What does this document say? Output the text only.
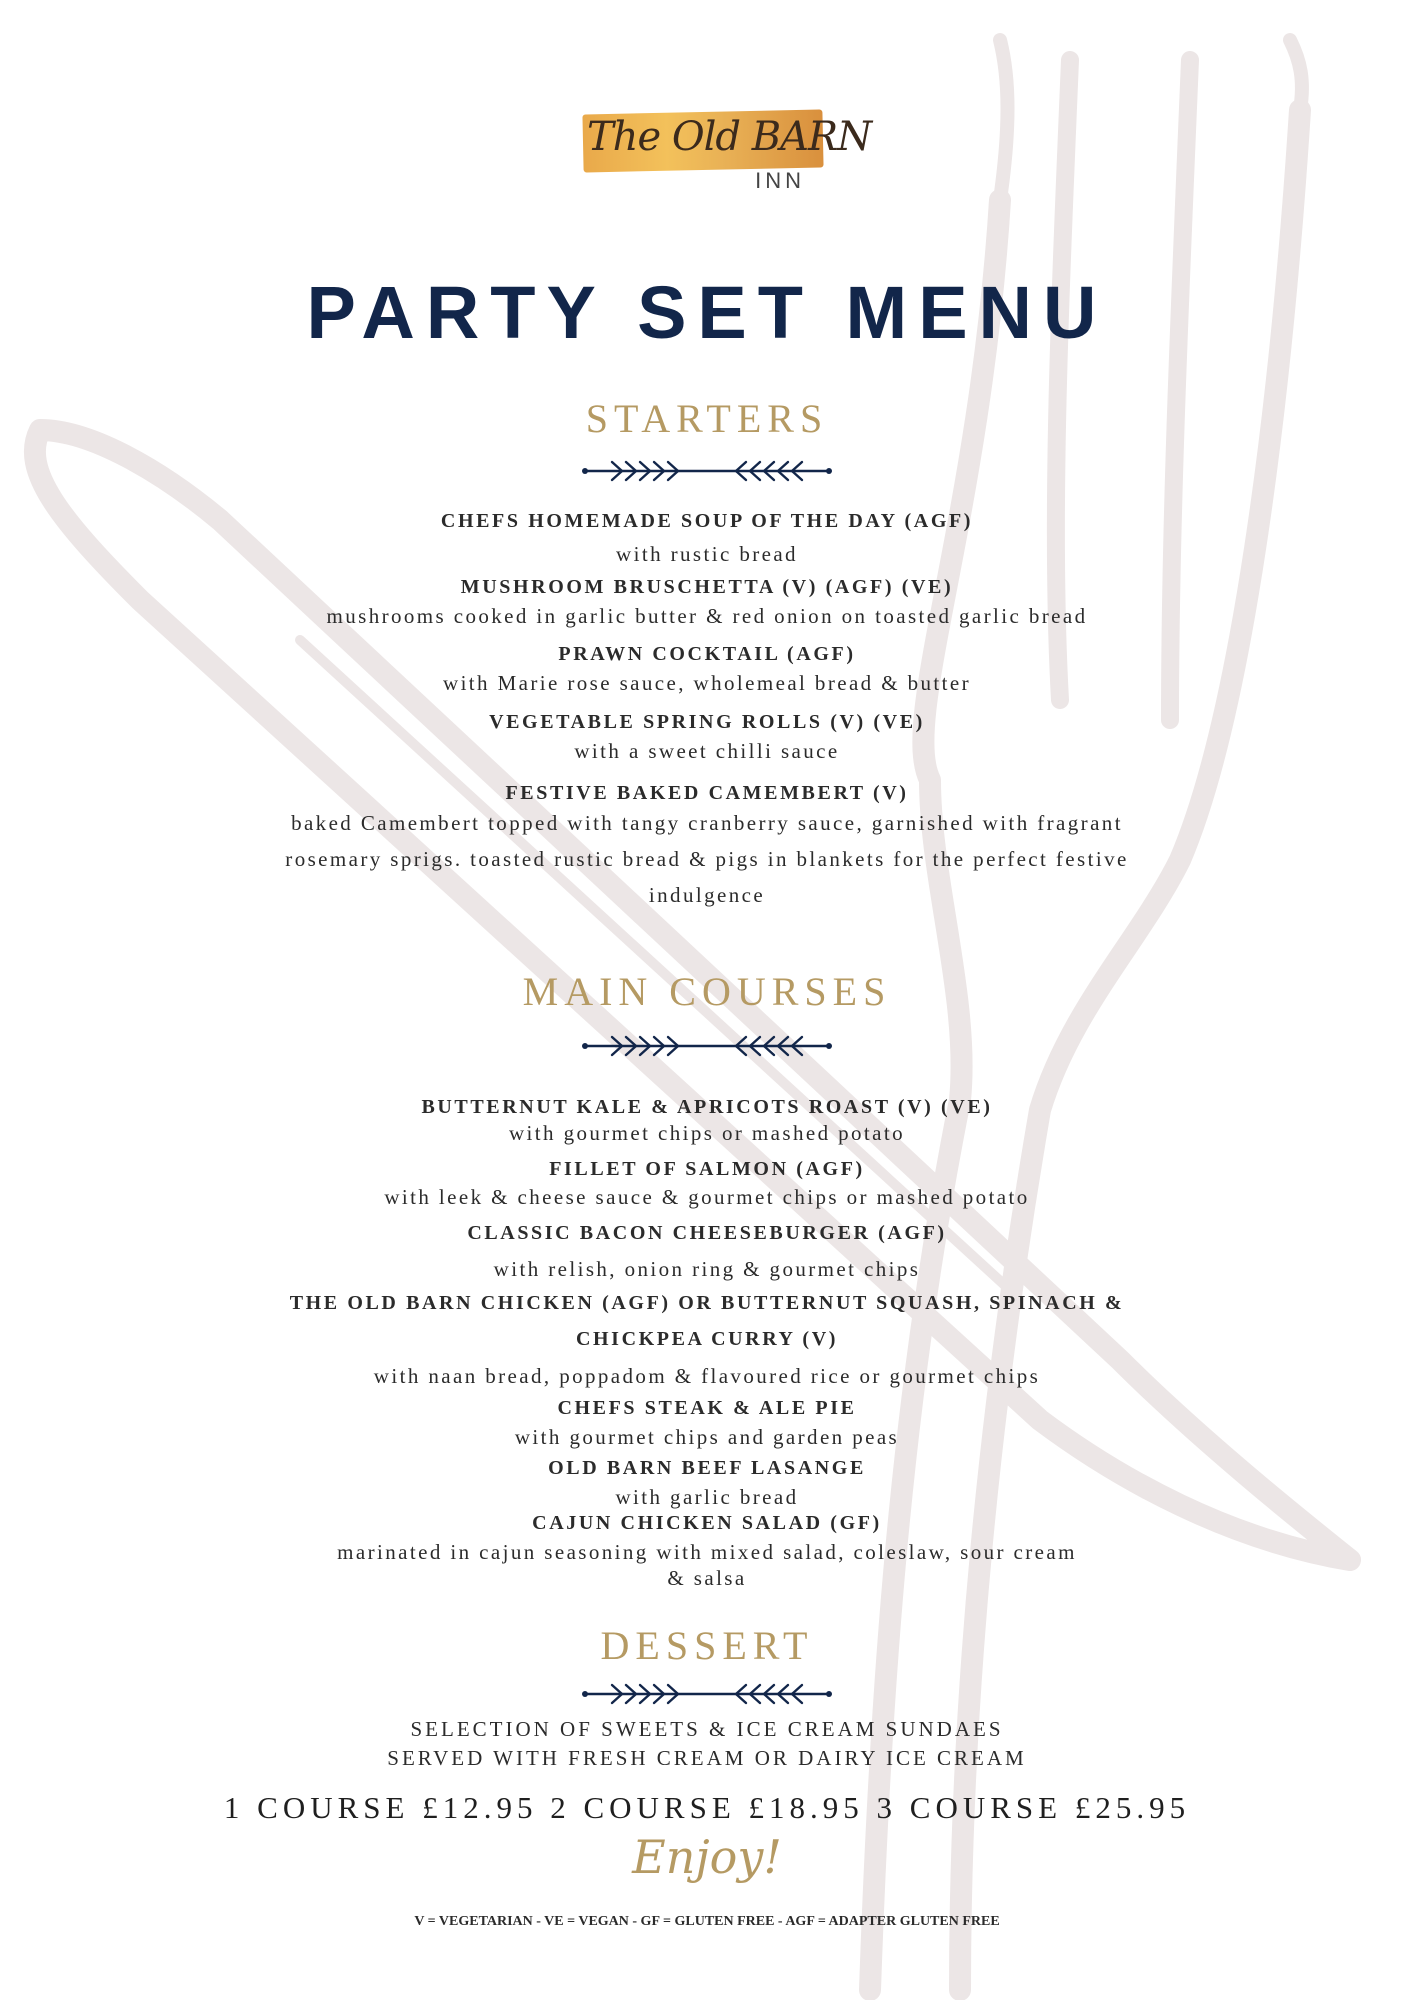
The Old BARN
INN
PARTY SET MENU
STARTERS
CHEFS HOMEMADE SOUP OF THE DAY (AGF)
with rustic bread
MUSHROOM BRUSCHETTA (V) (AGF) (VE)
mushrooms cooked in garlic butter & red onion on toasted garlic bread
PRAWN COCKTAIL (AGF)
with Marie rose sauce, wholemeal bread & butter
VEGETABLE SPRING ROLLS (V) (VE)
with a sweet chilli sauce
FESTIVE BAKED CAMEMBERT (V)
baked Camembert topped with tangy cranberry sauce, garnished with fragrant
rosemary sprigs. toasted rustic bread & pigs in blankets for the perfect festive
indulgence
MAIN COURSES
BUTTERNUT KALE & APRICOTS ROAST (V) (VE)
with gourmet chips or mashed potato
FILLET OF SALMON (AGF)
with leek & cheese sauce & gourmet chips or mashed potato
CLASSIC BACON CHEESEBURGER (AGF)
with relish, onion ring & gourmet chips
THE OLD BARN CHICKEN (AGF) OR BUTTERNUT SQUASH, SPINACH &
CHICKPEA CURRY (V)
with naan bread, poppadom & flavoured rice or gourmet chips
CHEFS STEAK & ALE PIE
with gourmet chips and garden peas
OLD BARN BEEF LASANGE
with garlic bread
CAJUN CHICKEN SALAD (GF)
marinated in cajun seasoning with mixed salad, coleslaw, sour cream
& salsa
DESSERT
SELECTION OF SWEETS & ICE CREAM SUNDAES
SERVED WITH FRESH CREAM OR DAIRY ICE CREAM
1 COURSE £12.95 2 COURSE £18.95 3 COURSE £25.95
Enjoy!
V = VEGETARIAN - VE = VEGAN - GF = GLUTEN FREE - AGF = ADAPTER GLUTEN FREE
